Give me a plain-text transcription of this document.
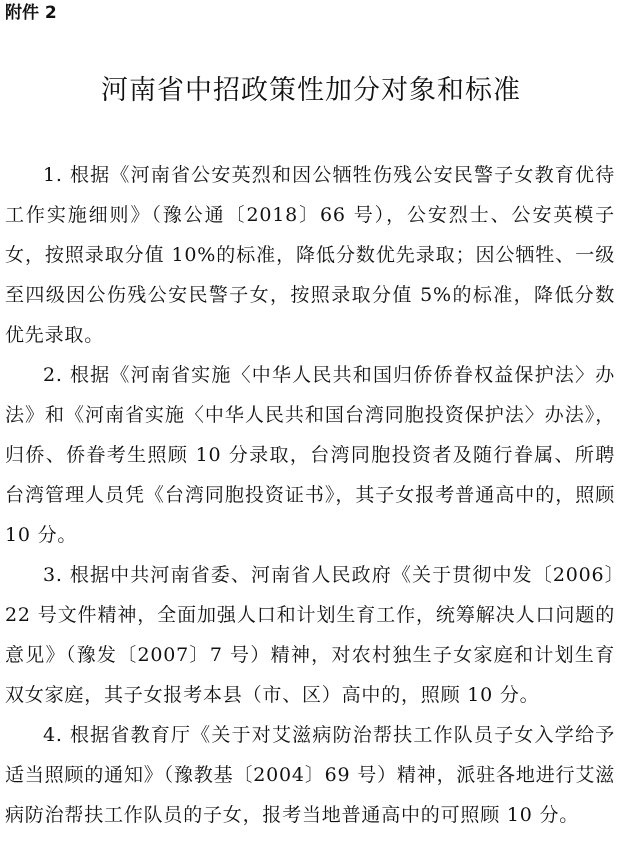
附件 2
河南省中招政策性加分对象和标准

1. 根据《河南省公安英烈和因公牺牲伤残公安民警子女教育优待工作实施细则》（豫公通〔2018〕66 号），公安烈士、公安英模子女，按照录取分值 10%的标准，降低分数优先录取；因公牺牲、一级至四级因公伤残公安民警子女，按照录取分值 5%的标准，降低分数优先录取。

2. 根据《河南省实施〈中华人民共和国归侨侨眷权益保护法〉办法》和《河南省实施〈中华人民共和国台湾同胞投资保护法〉办法》，归侨、侨眷考生照顾 10 分录取，台湾同胞投资者及随行眷属、所聘台湾管理人员凭《台湾同胞投资证书》，其子女报考普通高中的，照顾 10 分。

3. 根据中共河南省委、河南省人民政府《关于贯彻中发〔2006〕22 号文件精神，全面加强人口和计划生育工作，统筹解决人口问题的意见》（豫发〔2007〕7 号）精神，对农村独生子女家庭和计划生育双女家庭，其子女报考本县（市、区）高中的，照顾 10 分。

4. 根据省教育厅《关于对艾滋病防治帮扶工作队员子女入学给予适当照顾的通知》（豫教基〔2004〕69 号）精神，派驻各地进行艾滋病防治帮扶工作队员的子女，报考当地普通高中的可照顾 10 分。
